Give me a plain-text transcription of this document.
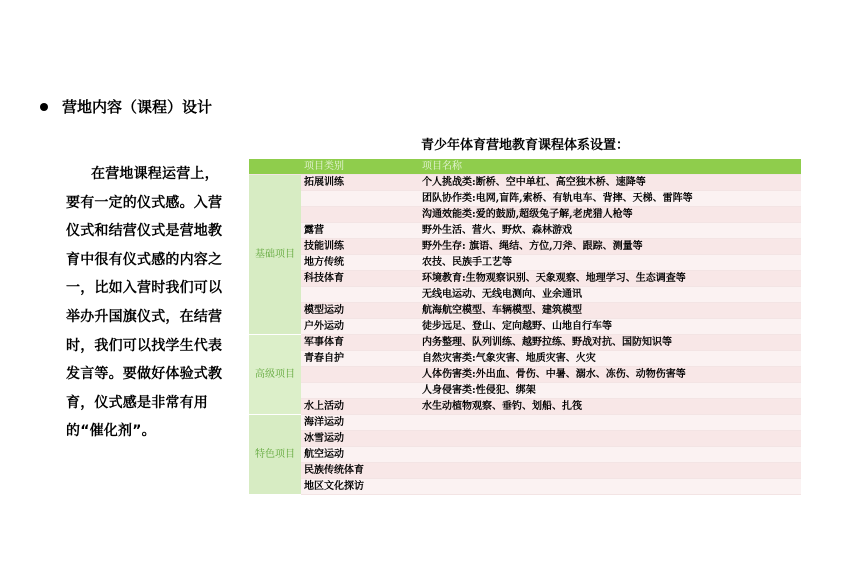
营地内容（课程）设计
在营地课程运营上，要有一定的仪式感。入营仪式和结营仪式是营地教育中很有仪式感的内容之一，比如入营时我们可以举办升国旗仪式，在结营时，我们可以找学生代表发言等。要做好体验式教育，仪式感是非常有用的“催化剂”。
青少年体育营地教育课程体系设置：
	项目类别	项目名称
基础项目	拓展训练	个人挑战类:断桥、空中单杠、高空独木桥、速降等
		团队协作类:电网,盲阵,索桥、有轨电车、背摔、天梯、雷阵等
		沟通效能类:爱的鼓励,超级兔子解,老虎猎人枪等
	露营	野外生活、营火、野炊、森林游戏
	技能训练	野外生存: 旗语、绳结、方位,刀斧、跟踪、测量等
	地方传统	农技、民族手工艺等
	科技体育	环境教育:生物观察识别、天象观察、地理学习、生态调查等
		无线电运动、无线电测向、业余通讯
	模型运动	航海航空模型、车辆模型、建筑模型
	户外运动	徒步远足、登山、定向越野、山地自行车等
高级项目	军事体育	内务整理、队列训练、越野拉练、野战对抗、国防知识等
	青春自护	自然灾害类:气象灾害、地质灾害、火灾
		人体伤害类:外出血、骨伤、中暑、溺水、冻伤、动物伤害等
		人身侵害类:性侵犯、绑架
	水上活动	水生动植物观察、垂钓、划船、扎筏
特色项目	海洋运动	
	冰雪运动	
	航空运动	
	民族传统体育	
	地区文化探访	
